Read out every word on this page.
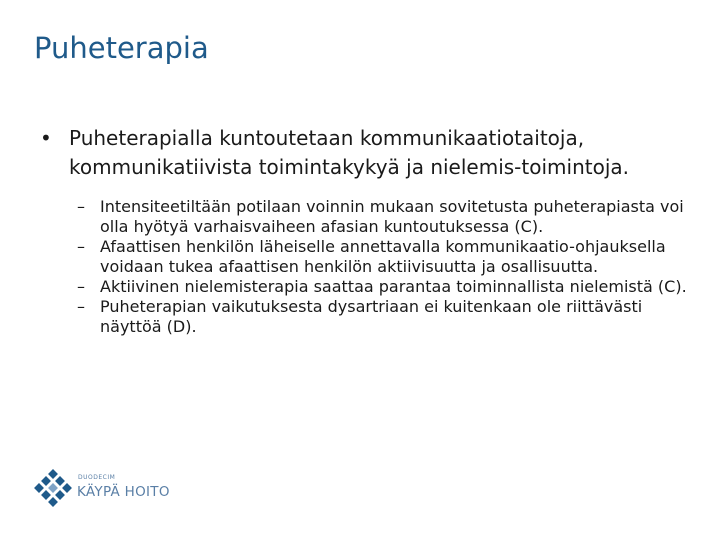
Puheterapia
• Puheterapialla kuntoutetaan kommunikaatiotaitoja, kommunikatiivista toimintakykyä ja nielemis-toimintoja.
– Intensiteetiltään potilaan voinnin mukaan sovitetusta puheterapiasta voi olla hyötyä varhaisvaiheen afasian kuntoutuksessa (C).
– Afaattisen henkilön läheiselle annettavalla kommunikaatio-ohjauksella voidaan tukea afaattisen henkilön aktiivisuutta ja osallisuutta.
– Aktiivinen nielemisterapia saattaa parantaa toiminnallista nielemistä (C).
– Puheterapian vaikutuksesta dysartriaan ei kuitenkaan ole riittävästi näyttöä (D).
DUODECIM
KÄYPÄ HOITO
